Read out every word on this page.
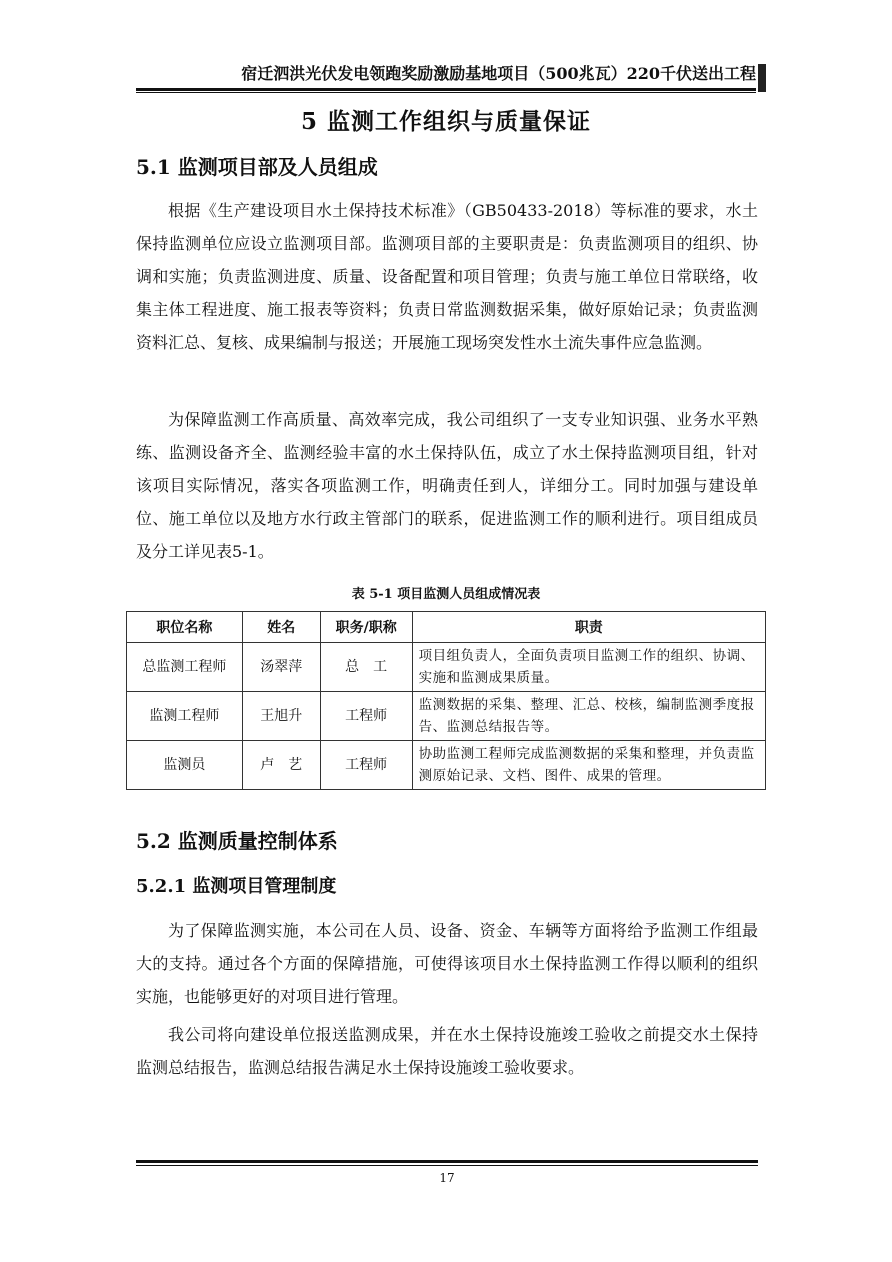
宿迁泗洪光伏发电领跑奖励激励基地项目（500兆瓦）220千伏送出工程
5 监测工作组织与质量保证
5.1 监测项目部及人员组成

根据《生产建设项目水土保持技术标准》（GB50433-2018）等标准的要求，水土保持监测单位应设立监测项目部。监测项目部的主要职责是：负责监测项目的组织、协调和实施；负责监测进度、质量、设备配置和项目管理；负责与施工单位日常联络，收集主体工程进度、施工报表等资料；负责日常监测数据采集，做好原始记录；负责监测资料汇总、复核、成果编制与报送；开展施工现场突发性水土流失事件应急监测。

为保障监测工作高质量、高效率完成，我公司组织了一支专业知识强、业务水平熟练、监测设备齐全、监测经验丰富的水土保持队伍，成立了水土保持监测项目组，针对该项目实际情况，落实各项监测工作，明确责任到人，详细分工。同时加强与建设单位、施工单位以及地方水行政主管部门的联系，促进监测工作的顺利进行。项目组成员及分工详见表5-1。

表 5-1 项目监测人员组成情况表
职位名称	姓名	职务/职称	职责
总监测工程师	汤翠萍	总　工	项目组负责人，全面负责项目监测工作的组织、协调、实施和监测成果质量。
监测工程师	王旭升	工程师	监测数据的采集、整理、汇总、校核，编制监测季度报告、监测总结报告等。
监测员	卢　艺	工程师	协助监测工程师完成监测数据的采集和整理，并负责监测原始记录、文档、图件、成果的管理。
5.2 监测质量控制体系
5.2.1 监测项目管理制度

为了保障监测实施，本公司在人员、设备、资金、车辆等方面将给予监测工作组最大的支持。通过各个方面的保障措施，可使得该项目水土保持监测工作得以顺利的组织实施，也能够更好的对项目进行管理。

我公司将向建设单位报送监测成果，并在水土保持设施竣工验收之前提交水土保持监测总结报告，监测总结报告满足水土保持设施竣工验收要求。

17
